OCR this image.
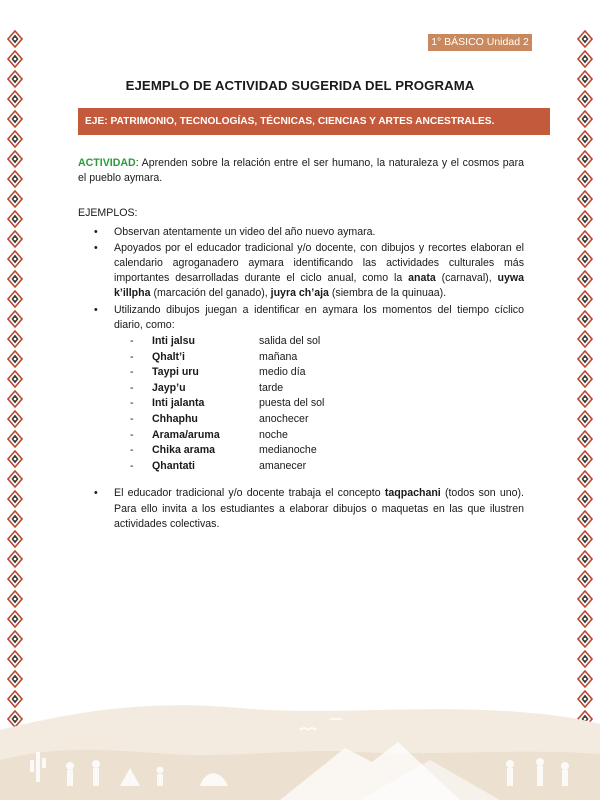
1° BÁSICO Unidad 2
EJEMPLO DE ACTIVIDAD SUGERIDA DEL PROGRAMA
EJE: PATRIMONIO, TECNOLOGÍAS, TÉCNICAS, CIENCIAS Y ARTES ANCESTRALES.

ACTIVIDAD: Aprenden sobre la relación entre el ser humano, la naturaleza y el cosmos para el pueblo aymara.

EJEMPLOS:

• Observan atentamente un video del año nuevo aymara.
• Apoyados por el educador tradicional y/o docente, con dibujos y recortes elaboran el calendario agroganadero aymara identificando las actividades culturales más importantes desarrolladas durante el ciclo anual, como la anata (carnaval), uywa k’illpha (marcación del ganado), juyra ch’aja (siembra de la quinuaa).
• Utilizando dibujos juegan a identificar en aymara los momentos del tiempo cíclico diario, como:
-	Inti jalsu	salida del sol
-	Qhalt’i	mañana
-	Taypi uru	medio día
-	Jayp’u	tarde
-	Inti jalanta	puesta del sol
-	Chhaphu	anochecer
-	Arama/aruma	noche
-	Chika arama	medianoche
-	Qhantati	amanecer
• El educador tradicional y/o docente trabaja el concepto taqpachani (todos son uno). Para ello invita a los estudiantes a elaborar dibujos o maquetas en las que ilustren actividades colectivas.
